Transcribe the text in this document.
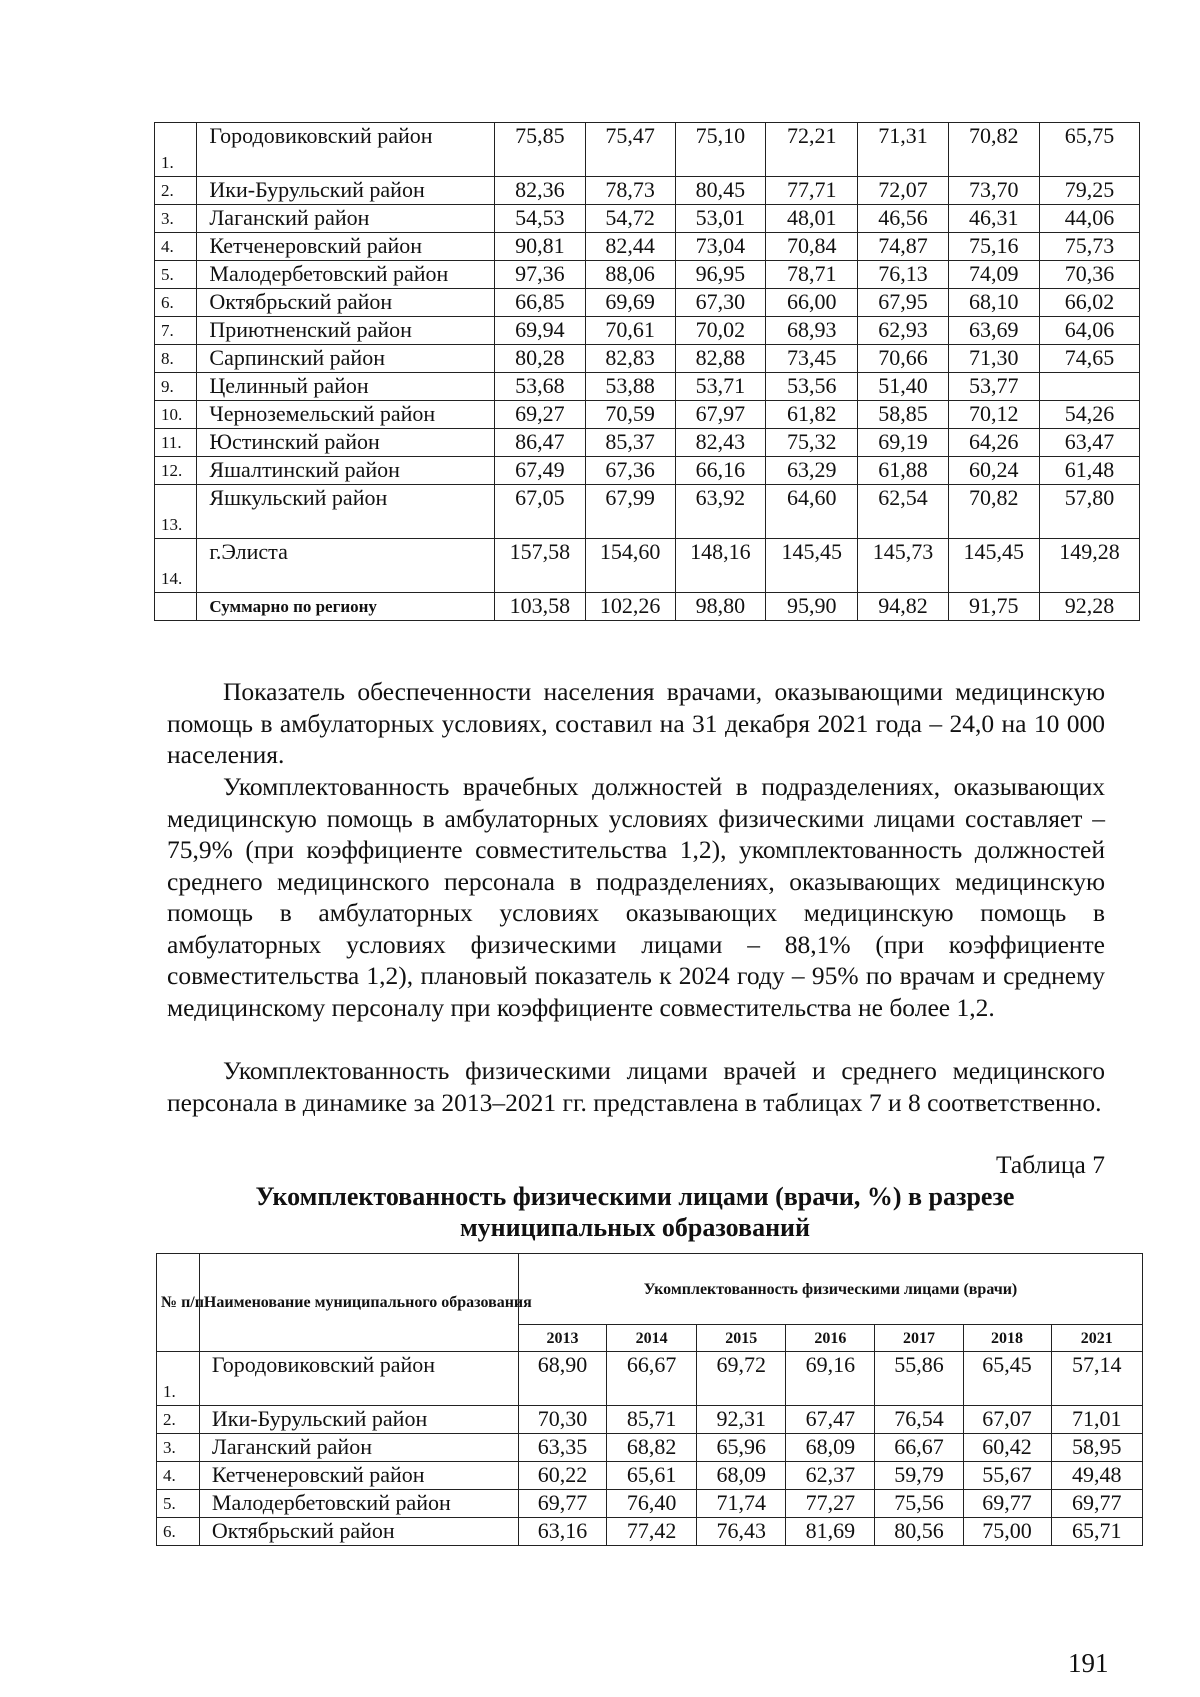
1.	Городовиковский район	75,85	75,47	75,10	72,21	71,31	70,82	65,75
2.	Ики-Бурульский район	82,36	78,73	80,45	77,71	72,07	73,70	79,25
3.	Лаганский район	54,53	54,72	53,01	48,01	46,56	46,31	44,06
4.	Кетченеровский район	90,81	82,44	73,04	70,84	74,87	75,16	75,73
5.	Малодербетовский район	97,36	88,06	96,95	78,71	76,13	74,09	70,36
6.	Октябрьский район	66,85	69,69	67,30	66,00	67,95	68,10	66,02
7.	Приютненский район	69,94	70,61	70,02	68,93	62,93	63,69	64,06
8.	Сарпинский район	80,28	82,83	82,88	73,45	70,66	71,30	74,65
9.	Целинный район	53,68	53,88	53,71	53,56	51,40	53,77	
10.	Черноземельский район	69,27	70,59	67,97	61,82	58,85	70,12	54,26
11.	Юстинский район	86,47	85,37	82,43	75,32	69,19	64,26	63,47
12.	Яшалтинский район	67,49	67,36	66,16	63,29	61,88	60,24	61,48
13.	Яшкульский район	67,05	67,99	63,92	64,60	62,54	70,82	57,80
14.	г.Элиста	157,58	154,60	148,16	145,45	145,73	145,45	149,28
	Суммарно по региону	103,58	102,26	98,80	95,90	94,82	91,75	92,28

Показатель обеспеченности населения врачами, оказывающими медицинскую помощь в амбулаторных условиях, составил на 31 декабря 2021 года – 24,0 на 10 000 населения.

Укомплектованность врачебных должностей в подразделениях, оказывающих медицинскую помощь в амбулаторных условиях физическими лицами составляет – 75,9% (при коэффициенте совместительства 1,2), укомплектованность должностей среднего медицинского персонала в подразделениях, оказывающих медицинскую помощь в амбулаторных условиях оказывающих медицинскую помощь в амбулаторных условиях физическими лицами – 88,1% (при коэффициенте совместительства 1,2), плановый показатель к 2024 году – 95% по врачам и среднему медицинскому персоналу при коэффициенте совместительства не более 1,2.

Укомплектованность физическими лицами врачей и среднего медицинского персонала в динамике за 2013–2021 гг. представлена в таблицах 7 и 8 соответственно.

Таблица 7
Укомплектованность физическими лицами (врачи, %) в разрезе муниципальных образований
№ п/п	Наименование муниципального образования	Укомплектованность физическими лицами (врачи)						
		2013	2014	2015	2016	2017	2018	2021
1.	Городовиковский район	68,90	66,67	69,72	69,16	55,86	65,45	57,14
2.	Ики-Бурульский район	70,30	85,71	92,31	67,47	76,54	67,07	71,01
3.	Лаганский район	63,35	68,82	65,96	68,09	66,67	60,42	58,95
4.	Кетченеровский район	60,22	65,61	68,09	62,37	59,79	55,67	49,48
5.	Малодербетовский район	69,77	76,40	71,74	77,27	75,56	69,77	69,77
6.	Октябрьский район	63,16	77,42	76,43	81,69	80,56	75,00	65,71
191
